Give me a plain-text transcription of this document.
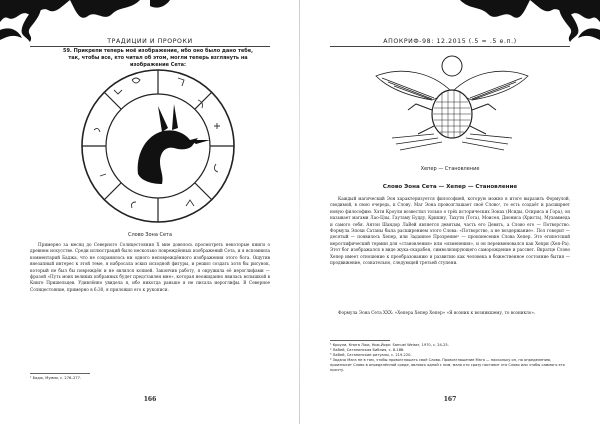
ТРАДИЦИИ И ПРОРОКИ
59. Прикрепи теперь моё изображение, ибо оно было дано тебе, так, чтобы все, кто читал об этом, могли теперь взглянуть на изображение Сета:
Слово Зона Сета
Примерно за месяц до Северного Солнцестояния X мне довелось просмотреть некоторые книги о древнем искусстве. Среди иллюстраций было несколько повреждённых изображений Сета, и я вспомнила комментарий Баджа, что не сохранилось ни одного неповреждённого изображения этого бога. Ощутив внезапный интерес к этой теме, я набросала эскиз исходной фигуры, и решил создать хотя бы рисунок, который не был бы повреждён и не являлся копией. Закончив работу, я окружила её иероглифами — фразой «Путь моих великих избранных будет представлен мне», которая неожиданно явилась вспышкой в Книге Пришельцев. Удивлённо увидела я, ибо никогда раньше я не писала иероглифы. В Северное Солнцестояние, примерно в 6:30, я приложил его к рукописи.
¹ Бадж, Мумии, с. 276–277.
166
АПОКРИФ-98: 12.2015 (.5 ≈ .5 е.п.)
Хепер — Становление
Слово Эона Сета — Хепер — Становление
Каждый магический Эон характеризуется философией, которую можно в итоге выразить Формулой, сводимой, в свою очередь, к Слову. Маг Эона провозглашает своё Слово¹, то есть создаёт и расширяет новую философию. Хэти Кроули возвестил только о трёх историческиx Эонах (Исиды, Осириса и Гора), он называет магами Лао-Цзы, Гаутаму Будду, Кришну, Тахути (Тота), Моисея, Диониса (Христа), Мухаммеда и самого себя. Антон Шандор ЛаВей является девятым, часть его Девять, а Слово его — Потворство. Формула Эпохи Сатаны была расширением этого Слова: «Потворство, а не воздержание». Пол говорит — десятый — появилось Хепер, или Заданное Прозрение² — произнесение Слова Хепер. Это египетский иероглифический термин для «становления» или «изменения», и он переименовался как Хепри (Хеп-Ра). Этот бог изображался в виде жука-скарабея, символизирующего саморождение и рассвет. Вкратце Слово Хепер имеет отношение к преобразованию и развитию как человека в божественное состояние бытия — продвижение, сознательно, следующей третьей ступени.
Формула Эона Сета XXX: «Хепера Хепер Хепер» «Я возник к возникшему, то возникло».
¹ Кроули, Книга Лжи, Нью-Йорк: Samuel Weiser, 1970, с. 24-25.
² ЛаВей, Сатанинская Библия, с. 8-18б.
³ ЛаВей, Сатанинские ритуалы, с. 219-220.
⁴ Задача Мага не в том, чтобы провозглашать своё Слово. Провозглашение Мага — поскольку он, по определению, произносит Слово в определённой среде, являясь одной с ним, мало кто сразу поставит это Слово или чтобы саммого его прочту.
167
